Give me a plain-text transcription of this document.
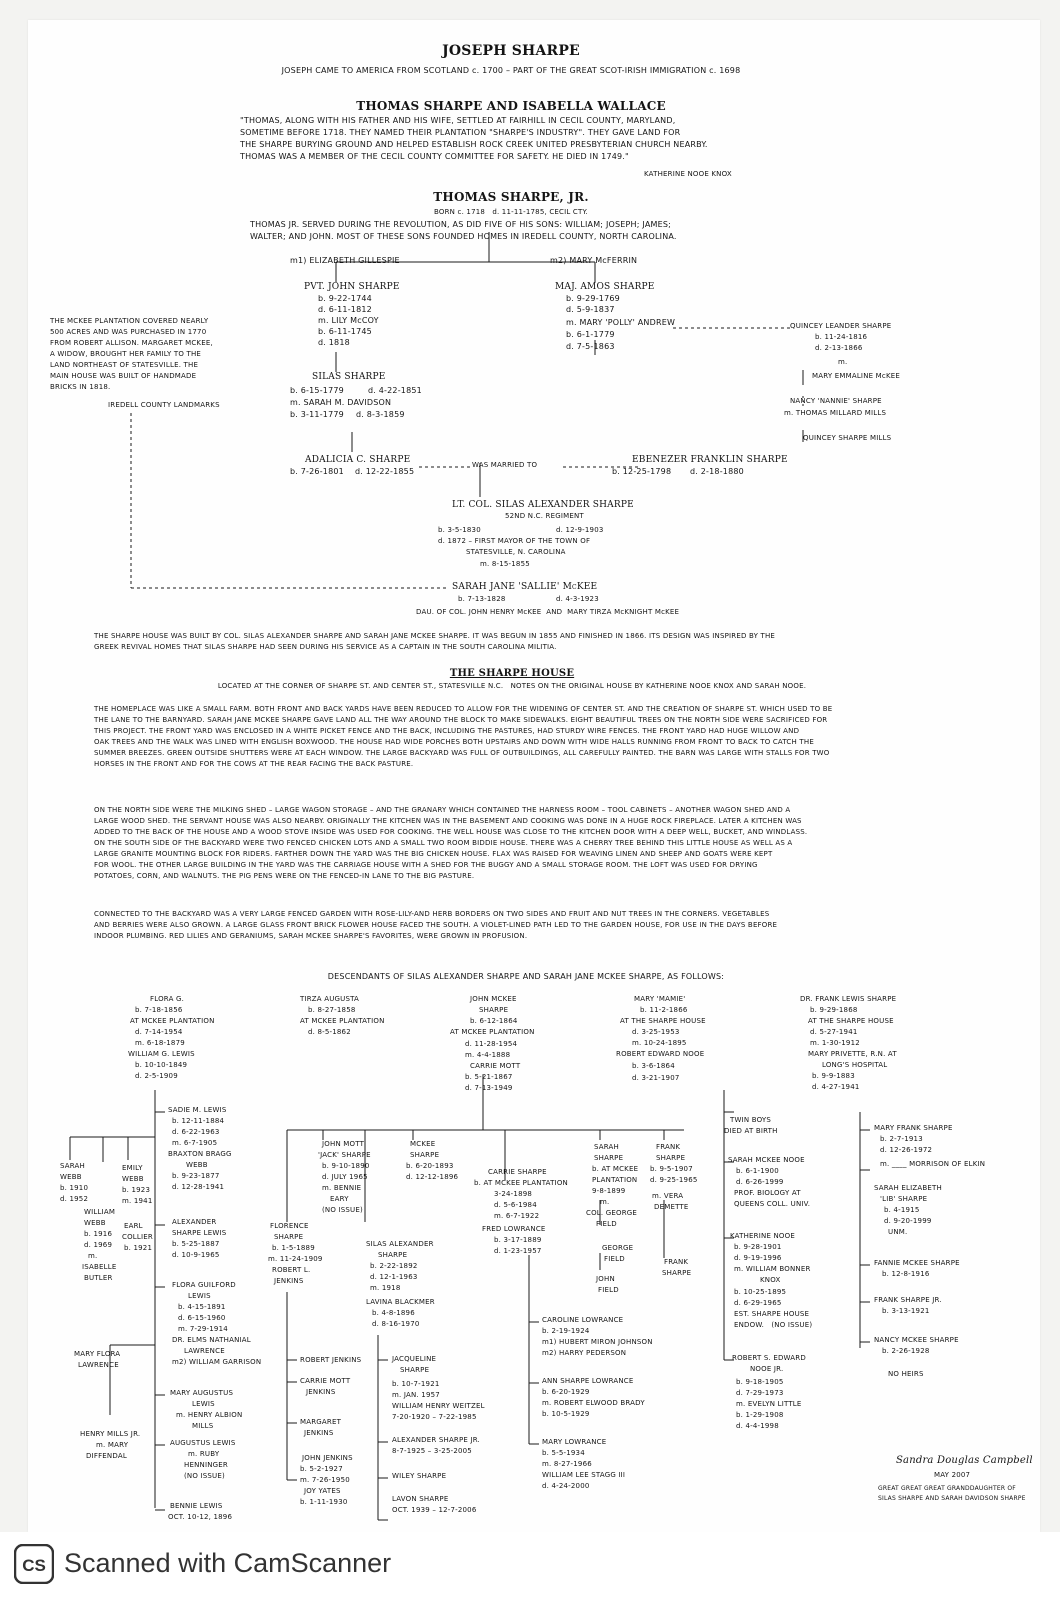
JOSEPH SHARPE
JOSEPH CAME TO AMERICA FROM SCOTLAND c. 1700 – PART OF THE GREAT SCOT-IRISH IMMIGRATION c. 1698
THOMAS SHARPE AND ISABELLA WALLACE
"THOMAS, ALONG WITH HIS FATHER AND HIS WIFE, SETTLED AT FAIRHILL IN CECIL COUNTY, MARYLAND,
SOMETIME BEFORE 1718. THEY NAMED THEIR PLANTATION "SHARPE'S INDUSTRY". THEY GAVE LAND FOR
THE SHARPE BURYING GROUND AND HELPED ESTABLISH ROCK CREEK UNITED PRESBYTERIAN CHURCH NEARBY.
THOMAS WAS A MEMBER OF THE CECIL COUNTY COMMITTEE FOR SAFETY. HE DIED IN 1749."
KATHERINE NOOE KNOX
THOMAS SHARPE, JR.
BORN c. 1718   d. 11-11-1785, CECIL CTY.
THOMAS JR. SERVED DURING THE REVOLUTION, AS DID FIVE OF HIS SONS: WILLIAM; JOSEPH; JAMES;
WALTER; AND JOHN. MOST OF THESE SONS FOUNDED HOMES IN IREDELL COUNTY, NORTH CAROLINA.
m1) ELIZABETH GILLESPIE	m2) MARY McFERRIN
THE MCKEE PLANTATION COVERED NEARLY
500 ACRES AND WAS PURCHASED IN 1770
FROM ROBERT ALLISON. MARGARET MCKEE,
A WIDOW, BROUGHT HER FAMILY TO THE
LAND NORTHEAST OF STATESVILLE. THE
MAIN HOUSE WAS BUILT OF HANDMADE
BRICKS IN 1818.
IREDELL COUNTY LANDMARKS
PVT. JOHN SHARPE
b. 9-22-1744
d. 6-11-1812
m. LILY McCOY
b. 6-11-1745
d. 1818
MAJ. AMOS SHARPE
b. 9-29-1769
d. 5-9-1837
m. MARY 'POLLY' ANDREW
b. 6-1-1779
d. 7-5-1863
QUINCEY LEANDER SHARPE
b. 11-24-1816
d. 2-13-1866
m.
MARY EMMALINE McKEE
NANCY 'NANNIE' SHARPE
m. THOMAS MILLARD MILLS
QUINCEY SHARPE MILLS
SILAS SHARPE
b. 6-15-1779	d. 4-22-1851
m. SARAH M. DAVIDSON
b. 3-11-1779 d. 8-3-1859
ADALICIA C. SHARPE
b. 7-26-1801 d. 12-22-1855
WAS MARRIED TO	EBENEZER FRANKLIN SHARPE
b. 12-25-1798 d. 2-18-1880
LT. COL. SILAS ALEXANDER SHARPE
52ND N.C. REGIMENT
b. 3-5-1830	d. 12-9-1903
d. 1872 – FIRST MAYOR OF THE TOWN OF
STATESVILLE, N. CAROLINA
m. 8-15-1855
SARAH JANE 'SALLIE' McKEE
b. 7-13-1828	d. 4-3-1923
DAU. OF COL. JOHN HENRY McKEE  AND  MARY TIRZA McKNIGHT McKEE
THE SHARPE HOUSE WAS BUILT BY COL. SILAS ALEXANDER SHARPE AND SARAH JANE MCKEE SHARPE. IT WAS BEGUN IN 1855 AND FINISHED IN 1866. ITS DESIGN WAS INSPIRED BY THE
GREEK REVIVAL HOMES THAT SILAS SHARPE HAD SEEN DURING HIS SERVICE AS A CAPTAIN IN THE SOUTH CAROLINA MILITIA.
THE SHARPE HOUSE
LOCATED AT THE CORNER OF SHARPE ST. AND CENTER ST., STATESVILLE N.C.   NOTES ON THE ORIGINAL HOUSE BY KATHERINE NOOE KNOX AND SARAH NOOE.
THE HOMEPLACE WAS LIKE A SMALL FARM. BOTH FRONT AND BACK YARDS HAVE BEEN REDUCED TO ALLOW FOR THE WIDENING OF CENTER ST. AND THE CREATION OF SHARPE ST. WHICH USED TO BE
THE LANE TO THE BARNYARD. SARAH JANE MCKEE SHARPE GAVE LAND ALL THE WAY AROUND THE BLOCK TO MAKE SIDEWALKS. EIGHT BEAUTIFUL TREES ON THE NORTH SIDE WERE SACRIFICED FOR
THIS PROJECT. THE FRONT YARD WAS ENCLOSED IN A WHITE PICKET FENCE AND THE BACK, INCLUDING THE PASTURES, HAD STURDY WIRE FENCES. THE FRONT YARD HAD HUGE WILLOW AND
OAK TREES AND THE WALK WAS LINED WITH ENGLISH BOXWOOD. THE HOUSE HAD WIDE PORCHES BOTH UPSTAIRS AND DOWN WITH WIDE HALLS RUNNING FROM FRONT TO BACK TO CATCH THE
SUMMER BREEZES. GREEN OUTSIDE SHUTTERS WERE AT EACH WINDOW. THE LARGE BACKYARD WAS FULL OF OUTBUILDINGS, ALL CAREFULLY PAINTED. THE BARN WAS LARGE WITH STALLS FOR TWO
HORSES IN THE FRONT AND FOR THE COWS AT THE REAR FACING THE BACK PASTURE.
ON THE NORTH SIDE WERE THE MILKING SHED – LARGE WAGON STORAGE – AND THE GRANARY WHICH CONTAINED THE HARNESS ROOM – TOOL CABINETS – ANOTHER WAGON SHED AND A
LARGE WOOD SHED. THE SERVANT HOUSE WAS ALSO NEARBY. ORIGINALLY THE KITCHEN WAS IN THE BASEMENT AND COOKING WAS DONE IN A HUGE ROCK FIREPLACE. LATER A KITCHEN WAS
ADDED TO THE BACK OF THE HOUSE AND A WOOD STOVE INSIDE WAS USED FOR COOKING. THE WELL HOUSE WAS CLOSE TO THE KITCHEN DOOR WITH A DEEP WELL, BUCKET, AND WINDLASS.
ON THE SOUTH SIDE OF THE BACKYARD WERE TWO FENCED CHICKEN LOTS AND A SMALL TWO ROOM BIDDIE HOUSE. THERE WAS A CHERRY TREE BEHIND THIS LITTLE HOUSE AS WELL AS A
LARGE GRANITE MOUNTING BLOCK FOR RIDERS. FARTHER DOWN THE YARD WAS THE BIG CHICKEN HOUSE. FLAX WAS RAISED FOR WEAVING LINEN AND SHEEP AND GOATS WERE KEPT
FOR WOOL. THE OTHER LARGE BUILDING IN THE YARD WAS THE CARRIAGE HOUSE WITH A SHED FOR THE BUGGY AND A SMALL STORAGE ROOM. THE LOFT WAS USED FOR DRYING
POTATOES, CORN, AND WALNUTS. THE PIG PENS WERE ON THE FENCED-IN LANE TO THE BIG PASTURE.
CONNECTED TO THE BACKYARD WAS A VERY LARGE FENCED GARDEN WITH ROSE-LILY-AND HERB BORDERS ON TWO SIDES AND FRUIT AND NUT TREES IN THE CORNERS. VEGETABLES
AND BERRIES WERE ALSO GROWN. A LARGE GLASS FRONT BRICK FLOWER HOUSE FACED THE SOUTH. A VIOLET-LINED PATH LED TO THE GARDEN HOUSE, FOR USE IN THE DAYS BEFORE
INDOOR PLUMBING. RED LILIES AND GERANIUMS, SARAH MCKEE SHARPE'S FAVORITES, WERE GROWN IN PROFUSION.
DESCENDANTS OF SILAS ALEXANDER SHARPE AND SARAH JANE MCKEE SHARPE, AS FOLLOWS:
FLORA G.
b. 7-18-1856
AT MCKEE PLANTATION
d. 7-14-1954
m. 6-18-1879
WILLIAM G. LEWIS
b. 10-10-1849
d. 2-5-1909
TIRZA AUGUSTA
b. 8-27-1858
AT MCKEE PLANTATION
d. 8-5-1862
JOHN MCKEE
SHARPE
b. 6-12-1864
AT MCKEE PLANTATION
d. 11-28-1954
m. 4-4-1888
CARRIE MOTT
b. 5-21-1867
d. 7-13-1949
MARY 'MAMIE'
b. 11-2-1866
AT THE SHARPE HOUSE
d. 3-25-1953
m. 10-24-1895
ROBERT EDWARD NOOE
b. 3-6-1864
d. 3-21-1907
DR. FRANK LEWIS SHARPE
b. 9-29-1868
AT THE SHARPE HOUSE
d. 5-27-1941
m. 1-30-1912
MARY PRIVETTE, R.N. AT
LONG'S HOSPITAL
b. 9-9-1883
d. 4-27-1941
SADIE M. LEWIS
b. 12-11-1884
d. 6-22-1963
m. 6-7-1905
BRAXTON BRAGG
WEBB
b. 9-23-1877
d. 12-28-1941
SARAH
WEBB
b. 1910
d. 1952
EMILY
WEBB
b. 1923
m. 1941
WILLIAM
WEBB
b. 1916
d. 1969
m.
ISABELLE
BUTLER
EARL
COLLIER
b. 1921
ALEXANDER
SHARPE LEWIS
b. 5-25-1887
d. 10-9-1965
FLORA GUILFORD
LEWIS
b. 4-15-1891
d. 6-15-1960
m. 7-29-1914
DR. ELMS NATHANIAL
LAWRENCE
m2) WILLIAM GARRISON
MARY FLORA
LAWRENCE
MARY AUGUSTUS
LEWIS
m. HENRY ALBION
MILLS
HENRY MILLS JR.
m. MARY
DIFFENDAL
AUGUSTUS LEWIS
m. RUBY
HENNINGER
(NO ISSUE)
BENNIE LEWIS
OCT. 10-12, 1896
JOHN MOTT
'JACK' SHARPE
b. 9-10-1890
d. JULY 1965
m. BENNIE
EARY
(NO ISSUE)
MCKEE
SHARPE
b. 6-20-1893
d. 12-12-1896
CARRIE SHARPE
b. AT MCKEE PLANTATION
3-24-1898
d. 5-6-1984
m. 6-7-1922
FRED LOWRANCE
b. 3-17-1889
d. 1-23-1957
SARAH
SHARPE
b. AT MCKEE
PLANTATION
9-8-1899
m.
COL. GEORGE
FIELD
FRANK
SHARPE
b. 9-5-1907
d. 9-25-1965
m. VERA
DEMETTE
GEORGE
FIELD
JOHN
FIELD
FRANK
SHARPE
FLORENCE
SHARPE
b. 1-5-1889
m. 11-24-1909
ROBERT L.
JENKINS
SILAS ALEXANDER
SHARPE
b. 2-22-1892
d. 12-1-1963
m. 1918
LAVINA BLACKMER
b. 4-8-1896
d. 8-16-1970
ROBERT JENKINS
CARRIE MOTT
JENKINS
MARGARET
JENKINS
JOHN JENKINS
b. 5-2-1927
m. 7-26-1950
JOY YATES
b. 1-11-1930
JACQUELINE
SHARPE
b. 10-7-1921
m. JAN. 1957
WILLIAM HENRY WEITZEL
7-20-1920 – 7-22-1985
ALEXANDER SHARPE JR.
8-7-1925 – 3-25-2005
WILEY SHARPE
LAVON SHARPE
OCT. 1939 – 12-7-2006
CAROLINE LOWRANCE
b. 2-19-1924
m1) HUBERT MIRON JOHNSON
m2) HARRY PEDERSON
ANN SHARPE LOWRANCE
b. 6-20-1929
m. ROBERT ELWOOD BRADY
b. 10-5-1929
MARY LOWRANCE
b. 5-5-1934
m. 8-27-1966
WILLIAM LEE STAGG III
d. 4-24-2000
TWIN BOYS
DIED AT BIRTH
SARAH MCKEE NOOE
b. 6-1-1900
d. 6-26-1999
PROF. BIOLOGY AT
QUEENS COLL. UNIV.
KATHERINE NOOE
b. 9-28-1901
d. 9-19-1996
m. WILLIAM BONNER
KNOX
b. 10-25-1895
d. 6-29-1965
EST. SHARPE HOUSE
ENDOW.   (NO ISSUE)
ROBERT S. EDWARD
NOOE JR.
b. 9-18-1905
d. 7-29-1973
m. EVELYN LITTLE
b. 1-29-1908
d. 4-4-1998
MARY FRANK SHARPE
b. 2-7-1913
d. 12-26-1972
m. ____ MORRISON OF ELKIN
SARAH ELIZABETH
'LIB' SHARPE
b. 4-1915
d. 9-20-1999
UNM.
FANNIE MCKEE SHARPE
b. 12-8-1916
FRANK SHARPE JR.
b. 3-13-1921
NANCY MCKEE SHARPE
b. 2-26-1928
NO HEIRS
Sandra Douglas Campbell
MAY 2007
GREAT GREAT GREAT GRANDDAUGHTER OF
SILAS SHARPE AND SARAH DAVIDSON SHARPE
CS Scanned with CamScanner
